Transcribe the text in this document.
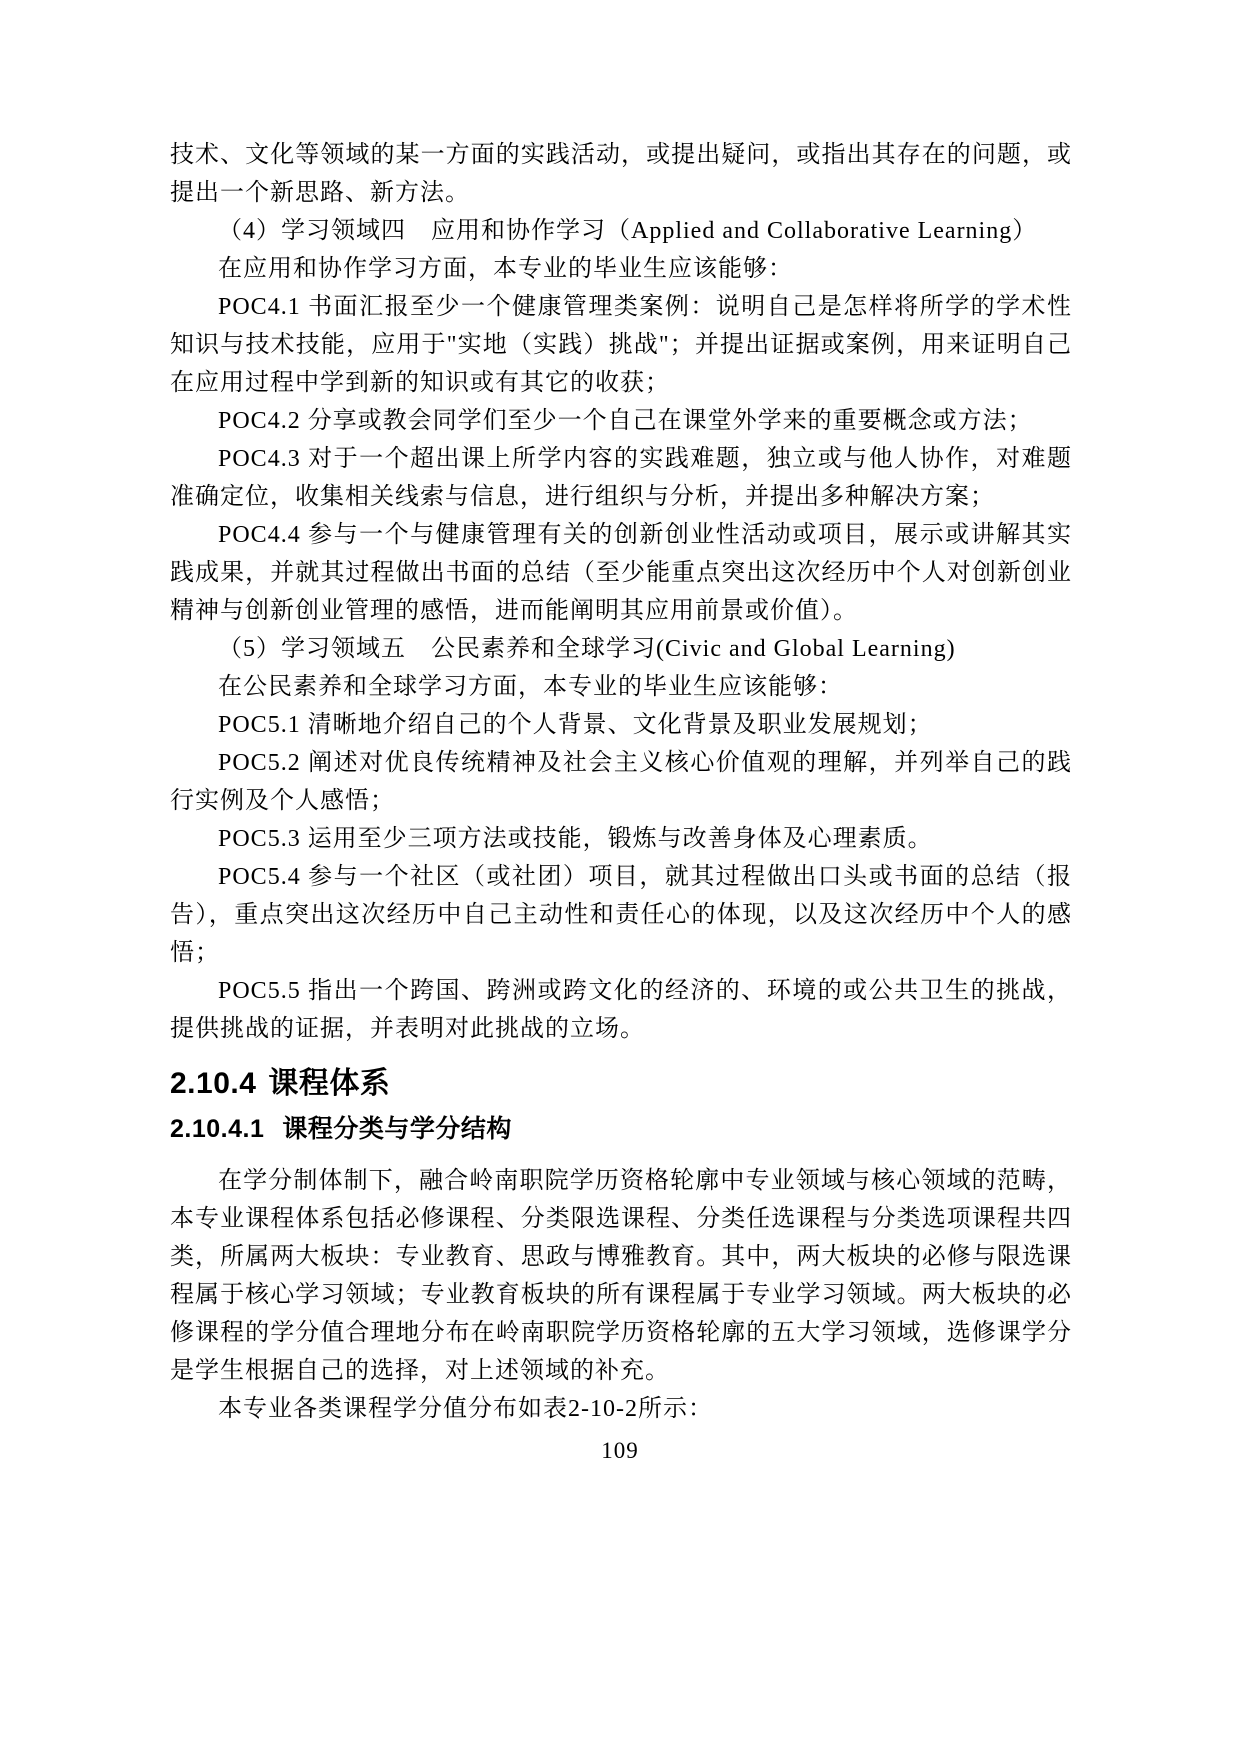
技术、文化等领域的某一方面的实践活动，或提出疑问，或指出其存在的问题，或提出一个新思路、新方法。

（4）学习领域四　应用和协作学习（Applied and Collaborative Learning）

在应用和协作学习方面，本专业的毕业生应该能够：

POC4.1 书面汇报至少一个健康管理类案例：说明自己是怎样将所学的学术性知识与技术技能，应用于"实地（实践）挑战"；并提出证据或案例，用来证明自己在应用过程中学到新的知识或有其它的收获；

POC4.2 分享或教会同学们至少一个自己在课堂外学来的重要概念或方法；

POC4.3 对于一个超出课上所学内容的实践难题，独立或与他人协作，对难题准确定位，收集相关线索与信息，进行组织与分析，并提出多种解决方案；

POC4.4 参与一个与健康管理有关的创新创业性活动或项目，展示或讲解其实践成果，并就其过程做出书面的总结（至少能重点突出这次经历中个人对创新创业精神与创新创业管理的感悟，进而能阐明其应用前景或价值）。

（5）学习领域五　公民素养和全球学习(Civic and Global Learning)

在公民素养和全球学习方面，本专业的毕业生应该能够：

POC5.1 清晰地介绍自己的个人背景、文化背景及职业发展规划；

POC5.2 阐述对优良传统精神及社会主义核心价值观的理解，并列举自己的践行实例及个人感悟；

POC5.3 运用至少三项方法或技能，锻炼与改善身体及心理素质。

POC5.4 参与一个社区（或社团）项目，就其过程做出口头或书面的总结（报告），重点突出这次经历中自己主动性和责任心的体现，以及这次经历中个人的感悟；

POC5.5 指出一个跨国、跨洲或跨文化的经济的、环境的或公共卫生的挑战，提供挑战的证据，并表明对此挑战的立场。

2.10.4 课程体系
2.10.4.1 课程分类与学分结构

在学分制体制下，融合岭南职院学历资格轮廓中专业领域与核心领域的范畴，本专业课程体系包括必修课程、分类限选课程、分类任选课程与分类选项课程共四类，所属两大板块：专业教育、思政与博雅教育。其中，两大板块的必修与限选课程属于核心学习领域；专业教育板块的所有课程属于专业学习领域。两大板块的必修课程的学分值合理地分布在岭南职院学历资格轮廓的五大学习领域，选修课学分是学生根据自己的选择，对上述领域的补充。

本专业各类课程学分值分布如表2-10-2所示：

109
